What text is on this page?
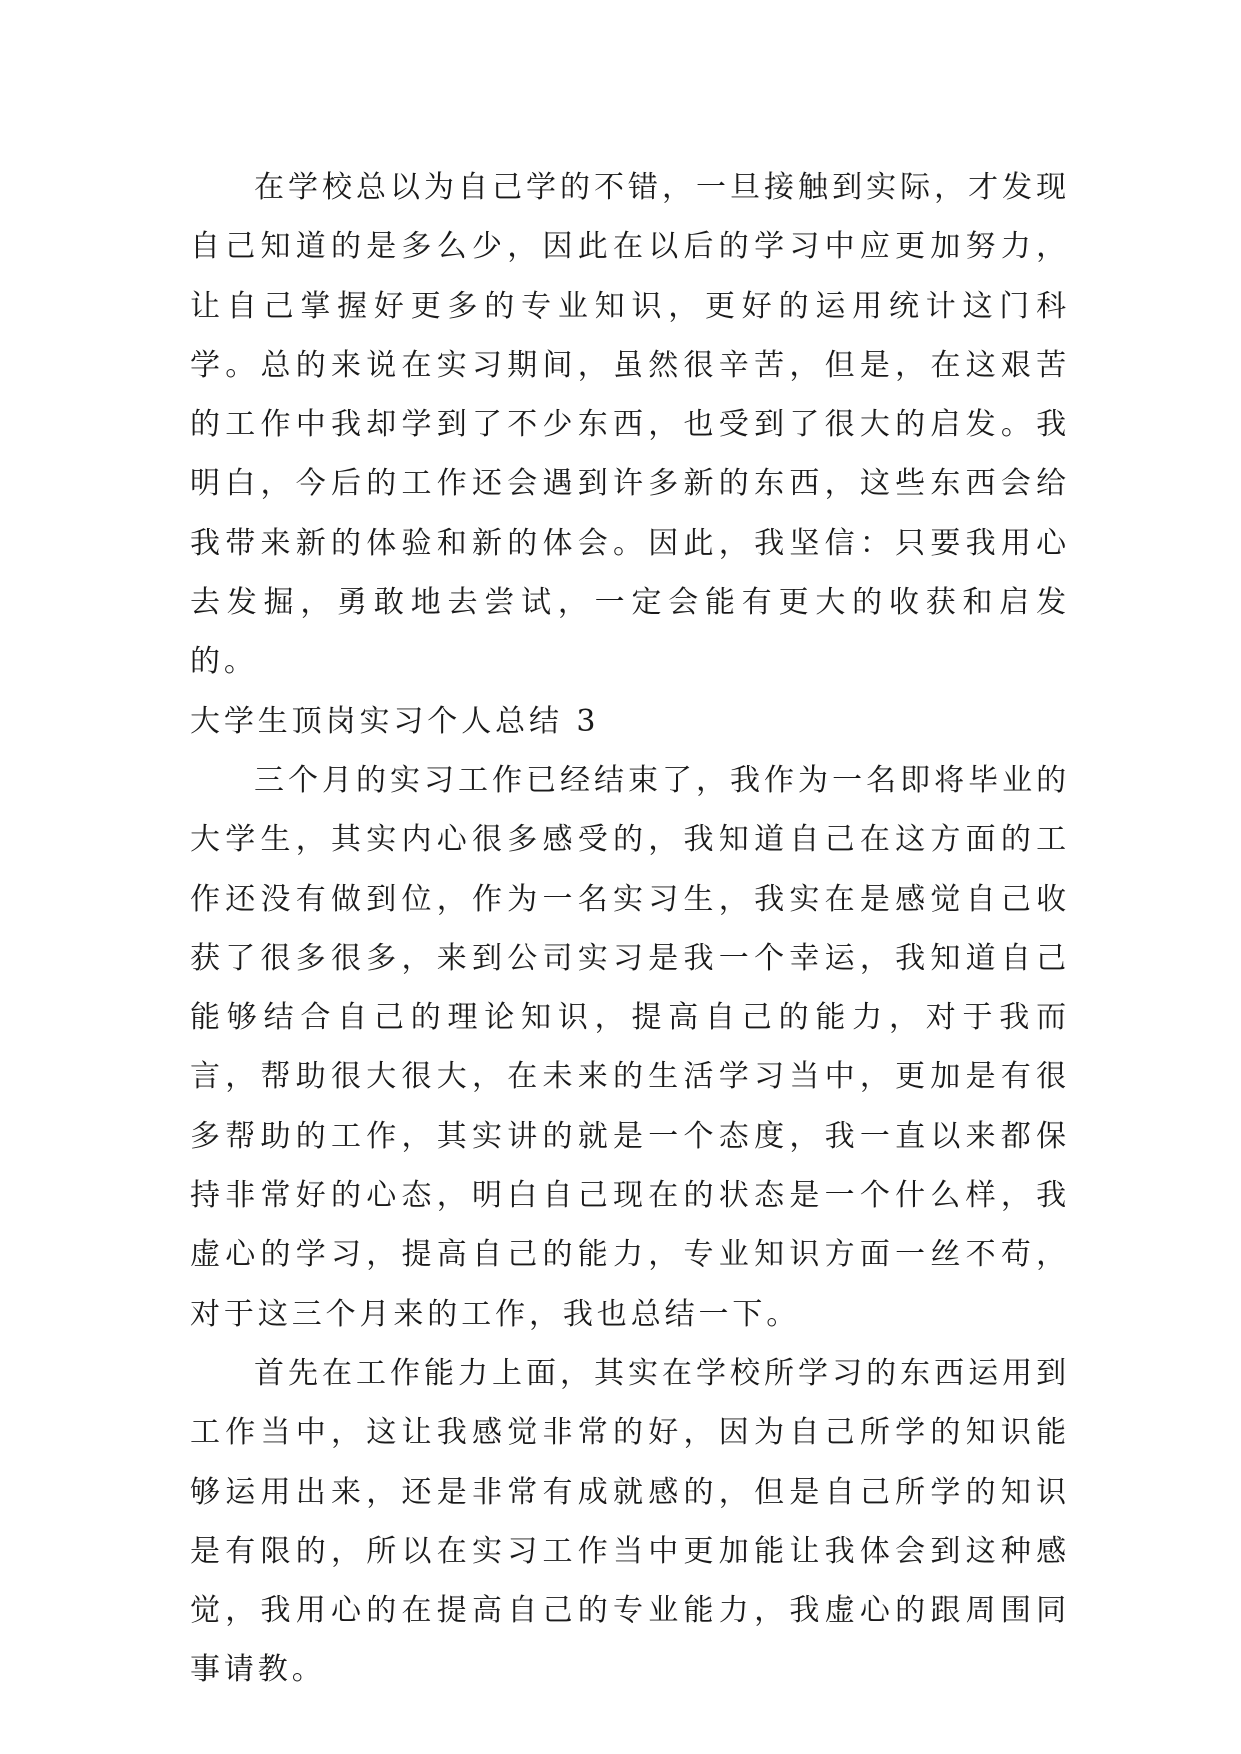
在学校总以为自己学的不错，一旦接触到实际，才发现自己知道的是多么少，因此在以后的学习中应更加努力，让自己掌握好更多的专业知识，更好的运用统计这门科学。总的来说在实习期间，虽然很辛苦，但是，在这艰苦的工作中我却学到了不少东西，也受到了很大的启发。我明白，今后的工作还会遇到许多新的东西，这些东西会给我带来新的体验和新的体会。因此，我坚信：只要我用心去发掘，勇敢地去尝试，一定会能有更大的收获和启发的。

大学生顶岗实习个人总结 3

三个月的实习工作已经结束了，我作为一名即将毕业的大学生，其实内心很多感受的，我知道自己在这方面的工作还没有做到位，作为一名实习生，我实在是感觉自己收获了很多很多，来到公司实习是我一个幸运，我知道自己能够结合自己的理论知识，提高自己的能力，对于我而言，帮助很大很大，在未来的生活学习当中，更加是有很多帮助的工作，其实讲的就是一个态度，我一直以来都保持非常好的心态，明白自己现在的状态是一个什么样，我虚心的学习，提高自己的能力，专业知识方面一丝不苟，对于这三个月来的工作，我也总结一下。

首先在工作能力上面，其实在学校所学习的东西运用到工作当中，这让我感觉非常的好，因为自己所学的知识能够运用出来，还是非常有成就感的，但是自己所学的知识是有限的，所以在实习工作当中更加能让我体会到这种感觉，我用心的在提高自己的专业能力，我虚心的跟周围同事请教。
